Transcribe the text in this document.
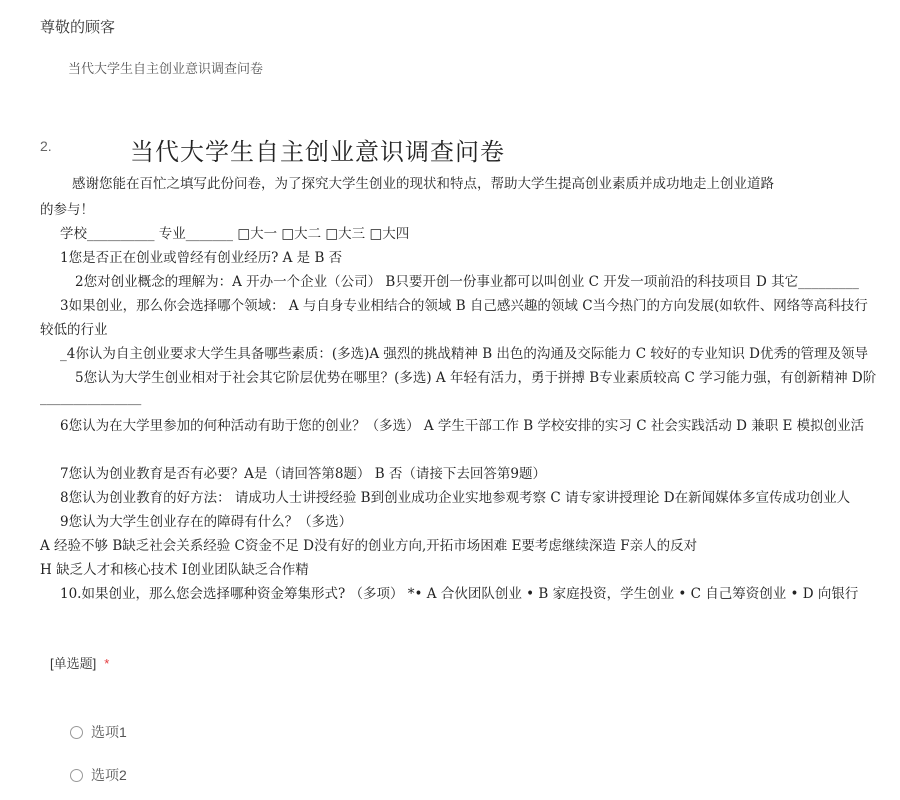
尊敬的顾客
当代大学生自主创业意识调查问卷
2.	当代大学生自主创业意识调查问卷
感谢您能在百忙之填写此份问卷，为了探究大学生创业的现状和特点，帮助大学生提高创业素质并成功地走上创业道路
的参与！
学校__________ 专业_______ □大一 □大二 □大三 □大四
1您是否正在创业或曾经有创业经历? A 是 B 否
2您对创业概念的理解为：A 开办一个企业（公司） B只要开创一份事业都可以叫创业 C 开发一项前沿的科技项目 D 其它_________
3如果创业，那么你会选择哪个领域： A 与自身专业相结合的领域 B 自己感兴趣的领域 C当今热门的方向发展(如软件、网络等高科技行
较低的行业
_4你认为自主创业要求大学生具备哪些素质：(多选)A 强烈的挑战精神 B 出色的沟通及交际能力 C 较好的专业知识 D优秀的管理及领导
5您认为大学生创业相对于社会其它阶层优势在哪里？(多选) A 年轻有活力，勇于拼搏 B专业素质较高 C 学习能力强，有创新精神 D阶
_______________
6您认为在大学里参加的何种活动有助于您的创业？（多选） A 学生干部工作 B 学校安排的实习 C 社会实践活动 D 兼职 E 模拟创业活
7您认为创业教育是否有必要？A是（请回答第8题） B 否（请接下去回答第9题）
8您认为创业教育的好方法： 请成功人士讲授经验 B到创业成功企业实地参观考察 C 请专家讲授理论 D在新闻媒体多宣传成功创业人
9您认为大学生创业存在的障碍有什么？（多选）
A 经验不够 B缺乏社会关系经验 C资金不足 D没有好的创业方向,开拓市场困难 E要考虑继续深造 F亲人的反对
H 缺乏人才和核心技术 I创业团队缺乏合作精
10.如果创业，那么您会选择哪种资金筹集形式? （多项） *• A 合伙团队创业 • B 家庭投资，学生创业 • C 自己筹资创业 • D 向银行
[单选题] *
选项1
选项2
